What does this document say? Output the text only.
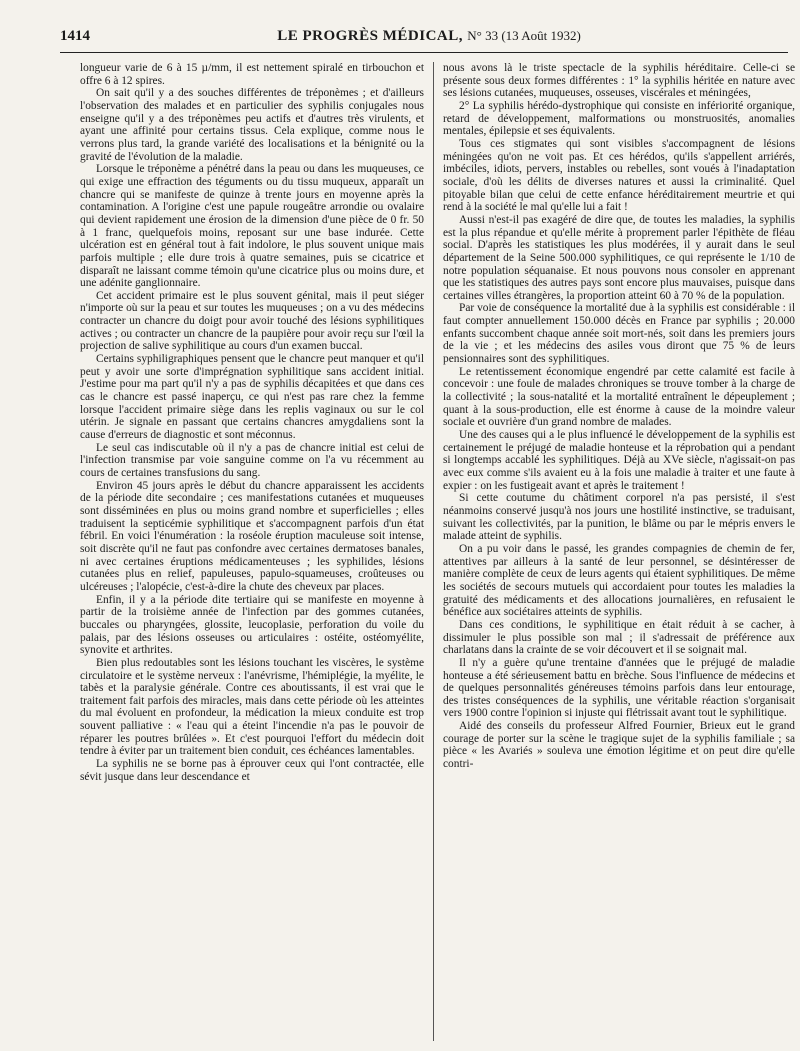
1414	LE PROGRÈS MÉDICAL, N° 33 (13 Août 1932)

longueur varie de 6 à 15 µ/mm, il est nettement spiralé en tirbouchon et offre 6 à 12 spires.

On sait qu'il y a des souches différentes de tréponèmes ; et d'ailleurs l'observation des malades et en particulier des syphilis conjugales nous enseigne qu'il y a des tréponèmes peu actifs et d'autres très virulents, et ayant une affinité pour certains tissus. Cela explique, comme nous le verrons plus tard, la grande variété des localisations et la bénignité ou la gravité de l'évolution de la maladie.

Lorsque le tréponème a pénétré dans la peau ou dans les muqueuses, ce qui exige une effraction des téguments ou du tissu muqueux, apparaît un chancre qui se manifeste de quinze à trente jours en moyenne après la contamination. A l'origine c'est une papule rougeâtre arrondie ou ovalaire qui devient rapidement une érosion de la dimension d'une pièce de 0 fr. 50 à 1 franc, quelquefois moins, reposant sur une base indurée. Cette ulcération est en général tout à fait indolore, le plus souvent unique mais parfois multiple ; elle dure trois à quatre semaines, puis se cicatrice et disparaît ne laissant comme témoin qu'une cicatrice plus ou moins dure, et une adénite ganglionnaire.

Cet accident primaire est le plus souvent génital, mais il peut siéger n'importe où sur la peau et sur toutes les muqueuses ; on a vu des médecins contracter un chancre du doigt pour avoir touché des lésions syphilitiques actives ; ou contracter un chancre de la paupière pour avoir reçu sur l'œil la projection de salive syphilitique au cours d'un examen buccal.

Certains syphiligraphiques pensent que le chancre peut manquer et qu'il peut y avoir une sorte d'imprégnation syphilitique sans accident initial. J'estime pour ma part qu'il n'y a pas de syphilis décapitées et que dans ces cas le chancre est passé inaperçu, ce qui n'est pas rare chez la femme lorsque l'accident primaire siège dans les replis vaginaux ou sur le col utérin. Je signale en passant que certains chancres amygdaliens sont la cause d'erreurs de diagnostic et sont méconnus.

Le seul cas indiscutable où il n'y a pas de chancre initial est celui de l'infection transmise par voie sanguine comme on l'a vu récemment au cours de certaines transfusions du sang.

Environ 45 jours après le début du chancre apparaissent les accidents de la période dite secondaire ; ces manifestations cutanées et muqueuses sont disséminées en plus ou moins grand nombre et superficielles ; elles traduisent la septicémie syphilitique et s'accompagnent parfois d'un état fébril. En voici l'énumération : la roséole éruption maculeuse soit intense, soit discrète qu'il ne faut pas confondre avec certaines dermatoses banales, ni avec certaines éruptions médicamenteuses ; les syphilides, lésions cutanées plus en relief, papuleuses, papulo-squameuses, croûteuses ou ulcéreuses ; l'alopécie, c'est-à-dire la chute des cheveux par places.

Enfin, il y a la période dite tertiaire qui se manifeste en moyenne à partir de la troisième année de l'infection par des gommes cutanées, buccales ou pharyngées, glossite, leucoplasie, perforation du voile du palais, par des lésions osseuses ou articulaires : ostéite, ostéomyélite, synovite et arthrites.

Bien plus redoutables sont les lésions touchant les viscères, le système circulatoire et le système nerveux : l'anévrisme, l'hémiplégie, la myélite, le tabès et la paralysie générale. Contre ces aboutissants, il est vrai que le traitement fait parfois des miracles, mais dans cette période où les atteintes du mal évoluent en profondeur, la médication la mieux conduite est trop souvent palliative : « l'eau qui a éteint l'incendie n'a pas le pouvoir de réparer les poutres brûlées ». Et c'est pourquoi l'effort du médecin doit tendre à éviter par un traitement bien conduit, ces échéances lamentables.

La syphilis ne se borne pas à éprouver ceux qui l'ont contractée, elle sévit jusque dans leur descendance et

nous avons là le triste spectacle de la syphilis héréditaire. Celle-ci se présente sous deux formes différentes : 1° la syphilis héritée en nature avec ses lésions cutanées, muqueuses, osseuses, viscérales et méningées,

2° La syphilis hérédo-dystrophique qui consiste en infériorité organique, retard de développement, malformations ou monstruosités, anomalies mentales, épilepsie et ses équivalents.

Tous ces stigmates qui sont visibles s'accompagnent de lésions méningées qu'on ne voit pas. Et ces hérédos, qu'ils s'appellent arriérés, imbéciles, idiots, pervers, instables ou rebelles, sont voués à l'inadaptation sociale, d'où les délits de diverses natures et aussi la criminalité. Quel pitoyable bilan que celui de cette enfance héréditairement meurtrie et qui rend à la société le mal qu'elle lui a fait !

Aussi n'est-il pas exagéré de dire que, de toutes les maladies, la syphilis est la plus répandue et qu'elle mérite à proprement parler l'épithète de fléau social. D'après les statistiques les plus modérées, il y aurait dans le seul département de la Seine 500.000 syphilitiques, ce qui représente le 1/10 de notre population séquanaise. Et nous pouvons nous consoler en apprenant que les statistiques des autres pays sont encore plus mauvaises, puisque dans certaines villes étrangères, la proportion atteint 60 à 70 % de la population.

Par voie de conséquence la mortalité due à la syphilis est considérable : il faut compter annuellement 150.000 décès en France par syphilis ; 20.000 enfants succombent chaque année soit mort-nés, soit dans les premiers jours de la vie ; et les médecins des asiles vous diront que 75 % de leurs pensionnaires sont des syphilitiques.

Le retentissement économique engendré par cette calamité est facile à concevoir : une foule de malades chroniques se trouve tomber à la charge de la collectivité ; la sous-natalité et la mortalité entraînent le dépeuplement ; quant à la sous-production, elle est énorme à cause de la moindre valeur sociale et ouvrière d'un grand nombre de malades.

Une des causes qui a le plus influencé le développement de la syphilis est certainement le préjugé de maladie honteuse et la réprobation qui a pendant si longtemps accablé les syphilitiques. Déjà au XVe siècle, n'agissait-on pas avec eux comme s'ils avaient eu à la fois une maladie à traiter et une faute à expier : on les fustigeait avant et après le traitement !

Si cette coutume du châtiment corporel n'a pas persisté, il s'est néanmoins conservé jusqu'à nos jours une hostilité instinctive, se traduisant, suivant les collectivités, par la punition, le blâme ou par le mépris envers le malade atteint de syphilis.

On a pu voir dans le passé, les grandes compagnies de chemin de fer, attentives par ailleurs à la santé de leur personnel, se désintéresser de manière complète de ceux de leurs agents qui étaient syphilitiques. De même les sociétés de secours mutuels qui accordaient pour toutes les maladies la gratuité des médicaments et des allocations journalières, en refusaient le bénéfice aux sociétaires atteints de syphilis.

Dans ces conditions, le syphilitique en était réduit à se cacher, à dissimuler le plus possible son mal ; il s'adressait de préférence aux charlatans dans la crainte de se voir découvert et il se soignait mal.

Il n'y a guère qu'une trentaine d'années que le préjugé de maladie honteuse a été sérieusement battu en brèche. Sous l'influence de médecins et de quelques personnalités généreuses témoins parfois dans leur entourage, des tristes conséquences de la syphilis, une véritable réaction s'organisait vers 1900 contre l'opinion si injuste qui flétrissait avant tout le syphilitique.

Aidé des conseils du professeur Alfred Fournier, Brieux eut le grand courage de porter sur la scène le tragique sujet de la syphilis familiale ; sa pièce « les Avariés » souleva une émotion légitime et on peut dire qu'elle contri-
